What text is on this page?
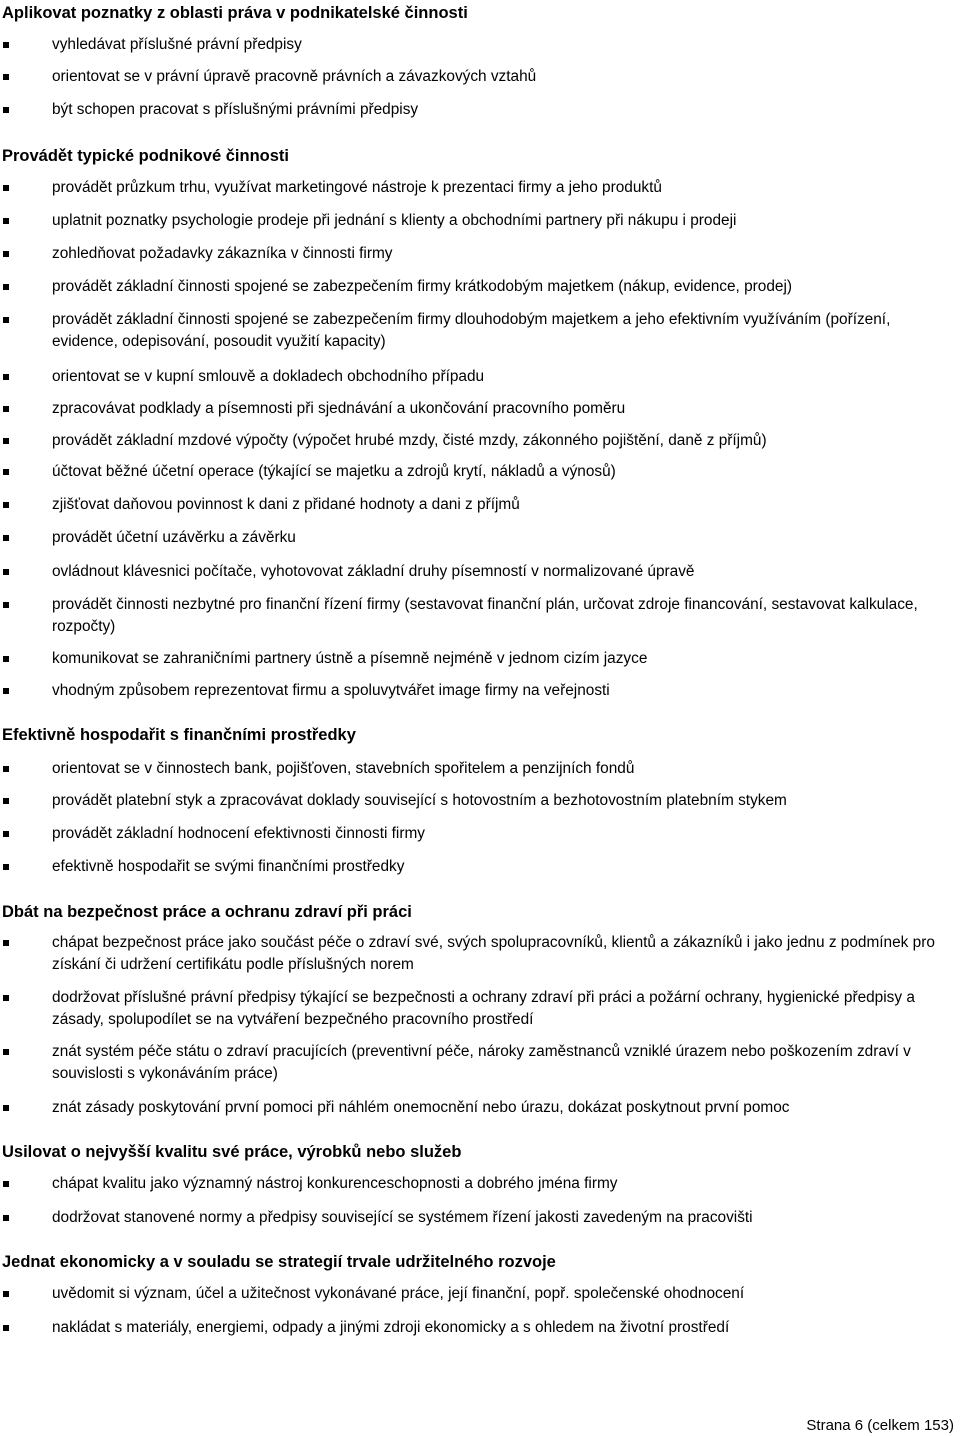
Aplikovat poznatky z oblasti práva v podnikatelské činnosti
vyhledávat příslušné právní předpisy
orientovat se v právní úpravě pracovně právních a závazkových vztahů
být schopen pracovat s příslušnými právními předpisy
Provádět typické podnikové činnosti
provádět průzkum trhu, využívat marketingové nástroje k prezentaci firmy a jeho produktů
uplatnit poznatky psychologie prodeje při jednání s klienty a obchodními partnery při nákupu i prodeji
zohledňovat požadavky zákazníka v činnosti firmy
provádět základní činnosti spojené se zabezpečením firmy krátkodobým majetkem (nákup, evidence, prodej)
provádět základní činnosti spojené se zabezpečením firmy dlouhodobým majetkem a jeho efektivním využíváním (pořízení, evidence, odepisování, posoudit využití kapacity)
orientovat se v kupní smlouvě a dokladech obchodního případu
zpracovávat podklady a písemnosti při sjednávání a ukončování pracovního poměru
provádět základní mzdové výpočty (výpočet hrubé mzdy, čisté mzdy, zákonného pojištění, daně z příjmů)
účtovat běžné účetní operace (týkající se majetku a zdrojů krytí, nákladů a výnosů)
zjišťovat daňovou povinnost k dani z přidané hodnoty a dani z příjmů
provádět účetní uzávěrku a závěrku
ovládnout klávesnici počítače, vyhotovovat základní druhy písemností v normalizované úpravě
provádět činnosti nezbytné pro finanční řízení firmy (sestavovat finanční plán, určovat zdroje financování, sestavovat kalkulace, rozpočty)
komunikovat se zahraničními partnery ústně a písemně nejméně v jednom cizím jazyce
vhodným způsobem reprezentovat firmu a spoluvytvářet image firmy na veřejnosti
Efektivně hospodařit s finančními prostředky
orientovat se v činnostech bank, pojišťoven, stavebních spořitelem a penzijních fondů
provádět platební styk a zpracovávat doklady související s hotovostním a bezhotovostním platebním stykem
provádět základní hodnocení efektivnosti činnosti firmy
efektivně hospodařit se svými finančními prostředky
Dbát na bezpečnost práce a ochranu zdraví při práci
chápat bezpečnost práce jako součást péče o zdraví své, svých spolupracovníků, klientů a zákazníků i jako jednu z podmínek pro získání či udržení certifikátu podle příslušných norem
dodržovat příslušné právní předpisy týkající se bezpečnosti a ochrany zdraví při práci a požární ochrany, hygienické předpisy a zásady, spolupodílet se na vytváření bezpečného pracovního prostředí
znát systém péče státu o zdraví pracujících (preventivní péče, nároky zaměstnanců vzniklé úrazem nebo poškozením zdraví v souvislosti s vykonáváním práce)
znát zásady poskytování první pomoci při náhlém onemocnění nebo úrazu, dokázat poskytnout první pomoc
Usilovat o nejvyšší kvalitu své práce, výrobků nebo služeb
chápat kvalitu jako významný nástroj konkurenceschopnosti a dobrého jména firmy
dodržovat stanovené normy a předpisy související se systémem řízení jakosti zavedeným na pracovišti
Jednat ekonomicky a v souladu se strategií trvale udržitelného rozvoje
uvědomit si význam, účel a užitečnost vykonávané práce, její finanční, popř. společenské ohodnocení
nakládat s materiály, energiemi, odpady a jinými zdroji ekonomicky a s ohledem na životní prostředí
Strana 6 (celkem 153)
